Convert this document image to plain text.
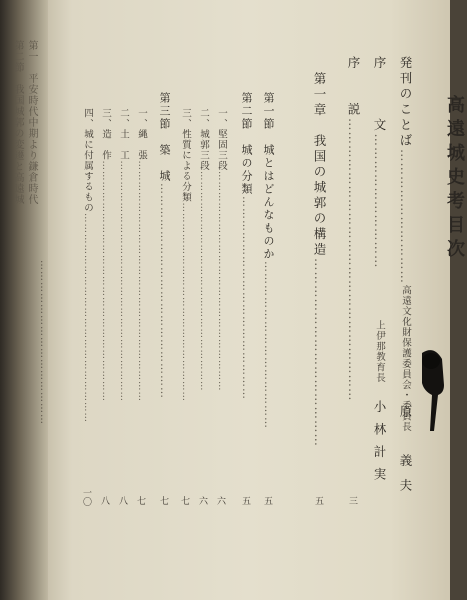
第二節　我国城郭の変遷と高遠城 第一　平安時代中期より鎌倉時代
………………………………………
高遠城史考目次
発刊のことば…………………………
高遠文化財保護委員会・委員長
原　義夫
序　　　文…………………………
上伊那教育長
小林計実
序　　説………………………………………………………
三
第一章　我国の城郭の構造……………………………………
五
第一節　城とはどんなものか……………………………………
五
第二節　城の分類……………………………………………
五
一、堅固三段………………………………………………………
六
二、城郭三段………………………………………………………
六
三、性質による分類…………………………………………………
七
第三節　築　城………………………………………………
七
一、縄　張……………………………………………………………
七
二、土　工……………………………………………………………
八
三、造　作……………………………………………………………
八
四、城に付属するもの……………………………………………………
一〇
